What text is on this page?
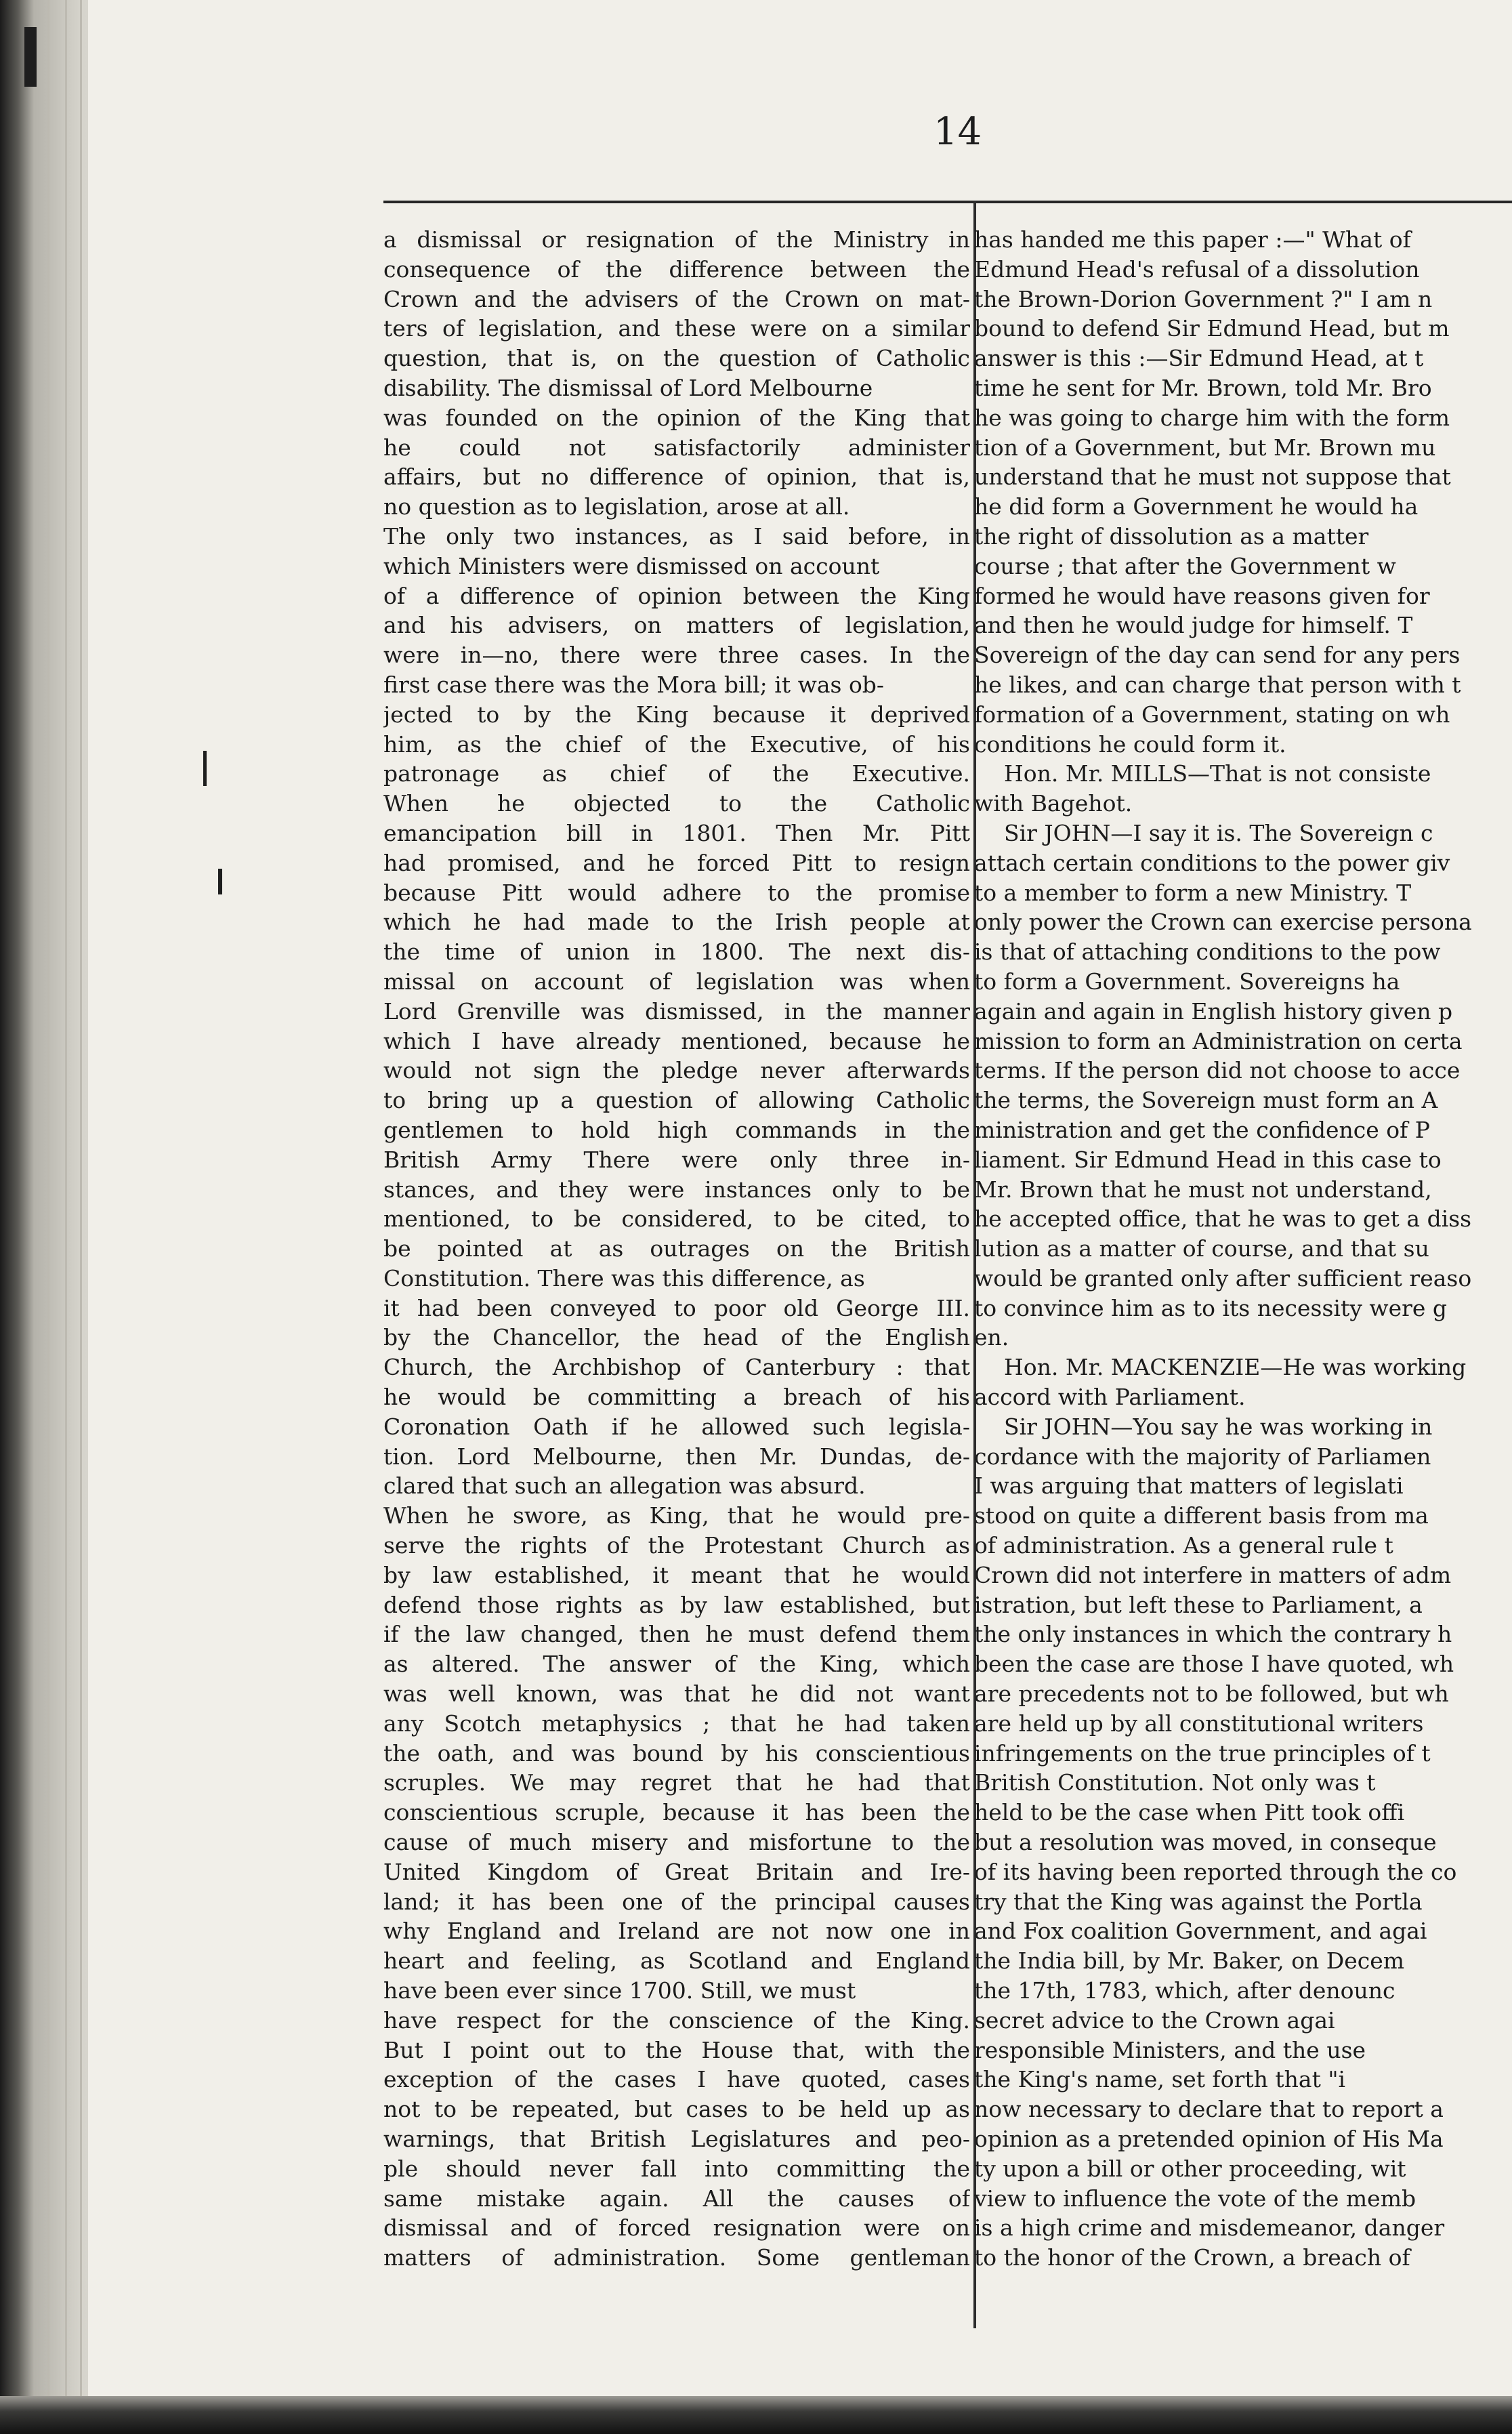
14
a dismissal or resignation of the Ministry in
consequence of the difference between the
Crown and the advisers of the Crown on mat-
ters of legislation, and these were on a similar
question, that is, on the question of Catholic
disability. The dismissal of Lord Melbourne
was founded on the opinion of the King that
he could not satisfactorily administer
affairs, but no difference of opinion, that is,
no question as to legislation, arose at all.
The only two instances, as I said before, in
which Ministers were dismissed on account
of a difference of opinion between the King
and his advisers, on matters of legislation,
were in—no, there were three cases. In the
first case there was the Mora bill; it was ob-
jected to by the King because it deprived
him, as the chief of the Executive, of his
patronage as chief of the Executive.
When he objected to the Catholic
emancipation bill in 1801. Then Mr. Pitt
had promised, and he forced Pitt to resign
because Pitt would adhere to the promise
which he had made to the Irish people at
the time of union in 1800. The next dis-
missal on account of legislation was when
Lord Grenville was dismissed, in the manner
which I have already mentioned, because he
would not sign the pledge never afterwards
to bring up a question of allowing Catholic
gentlemen to hold high commands in the
British Army There were only three in-
stances, and they were instances only to be
mentioned, to be considered, to be cited, to
be pointed at as outrages on the British
Constitution. There was this difference, as
it had been conveyed to poor old George III.
by the Chancellor, the head of the English
Church, the Archbishop of Canterbury : that
he would be committing a breach of his
Coronation Oath if he allowed such legisla-
tion. Lord Melbourne, then Mr. Dundas, de-
clared that such an allegation was absurd.
When he swore, as King, that he would pre-
serve the rights of the Protestant Church as
by law established, it meant that he would
defend those rights as by law established, but
if the law changed, then he must defend them
as altered. The answer of the King, which
was well known, was that he did not want
any Scotch metaphysics ; that he had taken
the oath, and was bound by his conscientious
scruples. We may regret that he had that
conscientious scruple, because it has been the
cause of much misery and misfortune to the
United Kingdom of Great Britain and Ire-
land; it has been one of the principal causes
why England and Ireland are not now one in
heart and feeling, as Scotland and England
have been ever since 1700. Still, we must
have respect for the conscience of the King.
But I point out to the House that, with the
exception of the cases I have quoted, cases
not to be repeated, but cases to be held up as
warnings, that British Legislatures and peo-
ple should never fall into committing the
same mistake again. All the causes of
dismissal and of forced resignation were on
matters of administration. Some gentleman
has handed me this paper :—" What of
Edmund Head's refusal of a dissolution
the Brown-Dorion Government ?" I am n
bound to defend Sir Edmund Head, but m
answer is this :—Sir Edmund Head, at t
time he sent for Mr. Brown, told Mr. Bro
he was going to charge him with the form
tion of a Government, but Mr. Brown mu
understand that he must not suppose that
he did form a Government he would ha
the right of dissolution as a matter
course ; that after the Government w
formed he would have reasons given for
and then he would judge for himself. T
Sovereign of the day can send for any pers
he likes, and can charge that person with t
formation of a Government, stating on wh
conditions he could form it.
Hon. Mr. MILLS—That is not consiste
with Bagehot.
Sir JOHN—I say it is. The Sovereign c
attach certain conditions to the power giv
to a member to form a new Ministry. T
only power the Crown can exercise persona
is that of attaching conditions to the pow
to form a Government. Sovereigns ha
again and again in English history given p
mission to form an Administration on certa
terms. If the person did not choose to acce
the terms, the Sovereign must form an A
ministration and get the confidence of P
liament. Sir Edmund Head in this case to
Mr. Brown that he must not understand,
he accepted office, that he was to get a diss
lution as a matter of course, and that su
would be granted only after sufficient reaso
to convince him as to its necessity were g
en.
Hon. Mr. MACKENZIE—He was working
accord with Parliament.
Sir JOHN—You say he was working in
cordance with the majority of Parliamen
I was arguing that matters of legislati
stood on quite a different basis from ma
of administration. As a general rule t
Crown did not interfere in matters of adm
istration, but left these to Parliament, a
the only instances in which the contrary h
been the case are those I have quoted, wh
are precedents not to be followed, but wh
are held up by all constitutional writers
infringements on the true principles of t
British Constitution. Not only was t
held to be the case when Pitt took offi
but a resolution was moved, in conseque
of its having been reported through the co
try that the King was against the Portla
and Fox coalition Government, and agai
the India bill, by Mr. Baker, on Decem
the 17th, 1783, which, after denounc
secret advice to the Crown agai
responsible Ministers, and the use
the King's name, set forth that "i
now necessary to declare that to report a
opinion as a pretended opinion of His Ma
ty upon a bill or other proceeding, wit
view to influence the vote of the memb
is a high crime and misdemeanor, danger
to the honor of the Crown, a breach of
